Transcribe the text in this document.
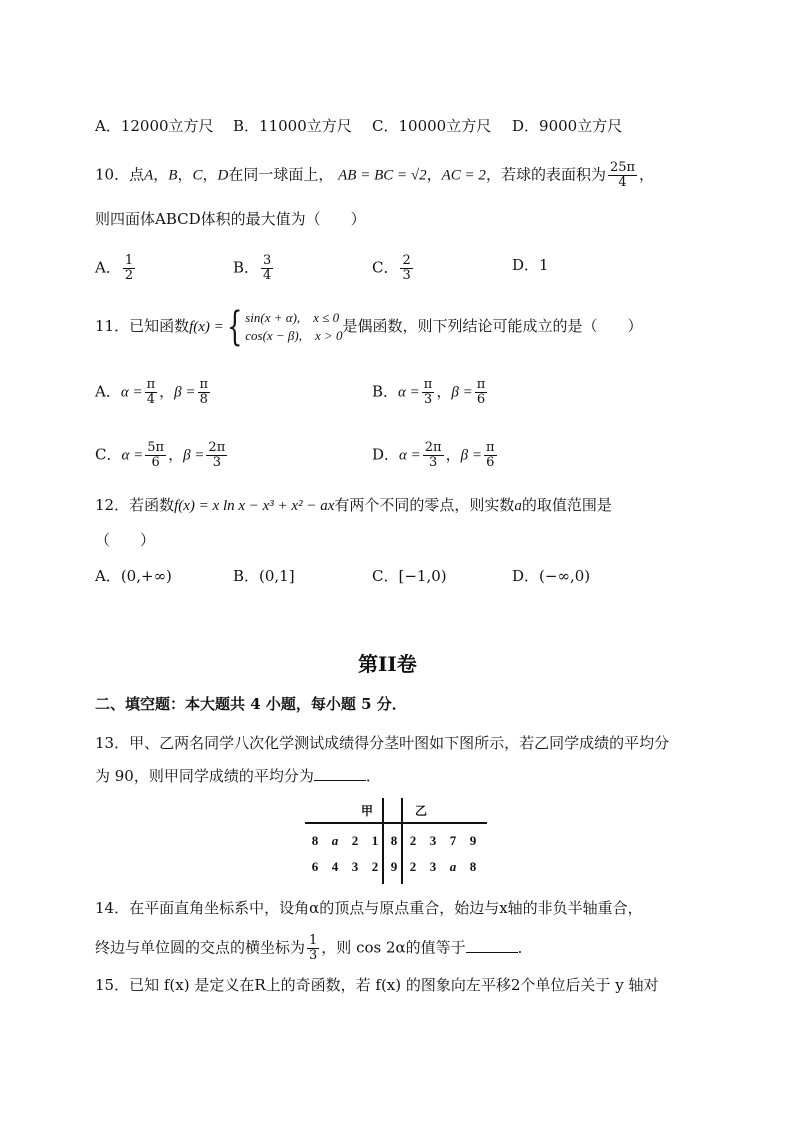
A．12000立方尺 B．11000立方尺 C．10000立方尺 D．9000立方尺
10．点A，B，C，D在同一球面上， AB = BC = √2，AC = 2，若球的表面积为 $\frac{25\pi}{4}$ ，
则四面体ABCD体积的最大值为（　　）
A． $\frac{1}{2}$	B． $\frac{3}{4}$	C． $\frac{2}{3}$	D．1
11．已知函数f(x) ={ sin(x + α),　x ≤ 0
cos(x − β),　x > 0
是偶函数，则下列结论可能成立的是（　　）
A．$\alpha = \frac{\pi}{4}$ ，$\beta = \frac{\pi}{8}$	B．$\alpha = \frac{\pi}{3}$ ，$\beta = \frac{\pi}{6}$
C．$\alpha = \frac{5\pi}{6}$ ，$\beta = \frac{2\pi}{3}$	D．$\alpha = \frac{2\pi}{3}$ ，$\beta = \frac{\pi}{6}$
12．若函数f(x) = x ln x − x³ + x² − ax有两个不同的零点，则实数a的取值范围是
（　　）
A．(0,+∞)	B．(0,1]	C．[−1,0)	D．(−∞,0)
第II卷
二、填空题：本大题共 4 小题，每小题 5 分．
13．甲、乙两名同学八次化学测试成绩得分茎叶图如下图所示，若乙同学成绩的平均分
为 90，则甲同学成绩的平均分为	．
甲	乙
8	a	2	1	8	2	3	7	9
6	4	3	2	9	2	3	a	8
14．在平面直角坐标系中，设角α的顶点与原点重合，始边与x轴的非负半轴重合，
终边与单位圆的交点的横坐标为 $\frac{1}{3}$ ，则 cos 2α的值等于	．
15．已知 f(x) 是定义在R上的奇函数，若 f(x) 的图象向左平移2个单位后关于 y 轴对
